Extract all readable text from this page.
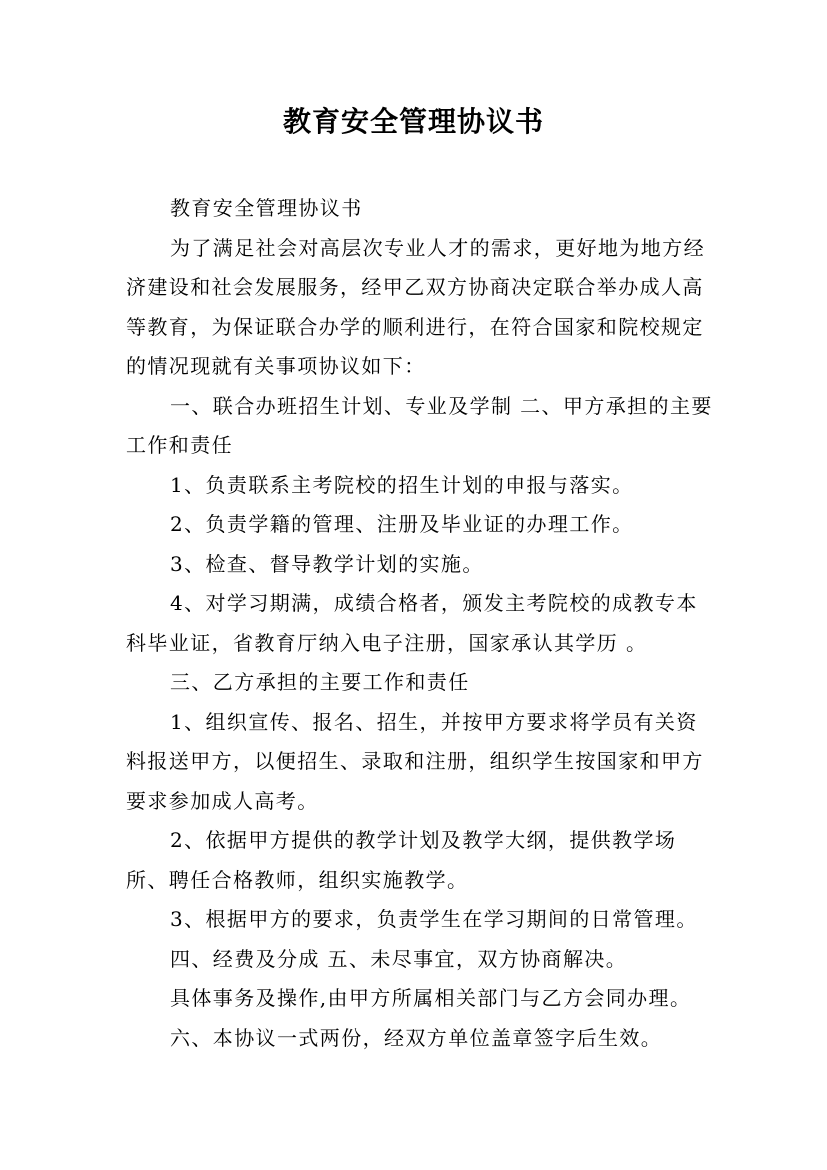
教育安全管理协议书

教育安全管理协议书

为了满足社会对高层次专业人才的需求，更好地为地方经济建设和社会发展服务，经甲乙双方协商决定联合举办成人高等教育，为保证联合办学的顺利进行，在符合国家和院校规定的情况现就有关事项协议如下：

一、联合办班招生计划、专业及学制 二、甲方承担的主要工作和责任

1、负责联系主考院校的招生计划的申报与落实。

2、负责学籍的管理、注册及毕业证的办理工作。

3、检查、督导教学计划的实施。

4、对学习期满，成绩合格者，颁发主考院校的成教专本科毕业证，省教育厅纳入电子注册，国家承认其学历 。

三、乙方承担的主要工作和责任

1、组织宣传、报名、招生，并按甲方要求将学员有关资料报送甲方，以便招生、录取和注册，组织学生按国家和甲方要求参加成人高考。

2、依据甲方提供的教学计划及教学大纲，提供教学场所、聘任合格教师，组织实施教学。

3、根据甲方的要求，负责学生在学习期间的日常管理。

四、经费及分成 五、未尽事宜，双方协商解决。

具体事务及操作,由甲方所属相关部门与乙方会同办理。

六、本协议一式两份，经双方单位盖章签字后生效。
